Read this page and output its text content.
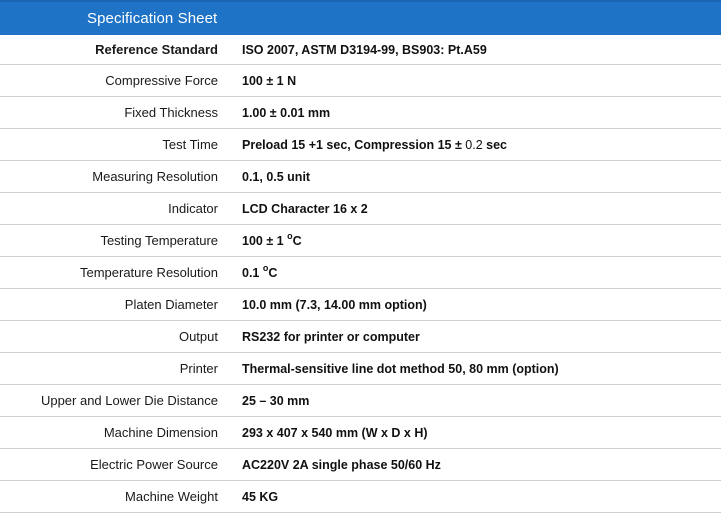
Specification Sheet
Reference Standard	ISO 2007, ASTM D3194-99, BS903: Pt.A59
Compressive Force	100 ± 1 N
Fixed Thickness	1.00 ± 0.01 mm
Test Time	Preload 15 +1 sec, Compression 15 ± 0.2 sec
Measuring Resolution	0.1, 0.5 unit
Indicator	LCD Character 16 x 2
Testing Temperature	100 ± 1 $^o$C
Temperature Resolution	0.1 $^o$C
Platen Diameter	10.0 mm (7.3, 14.00 mm option)
Output	RS232 for printer or computer
Printer	Thermal-sensitive line dot method 50, 80 mm (option)
Upper and Lower Die Distance	25 – 30 mm
Machine Dimension	293 x 407 x 540 mm (W x D x H)
Electric Power Source	AC220V 2A single phase 50/60 Hz
Machine Weight	45 KG
